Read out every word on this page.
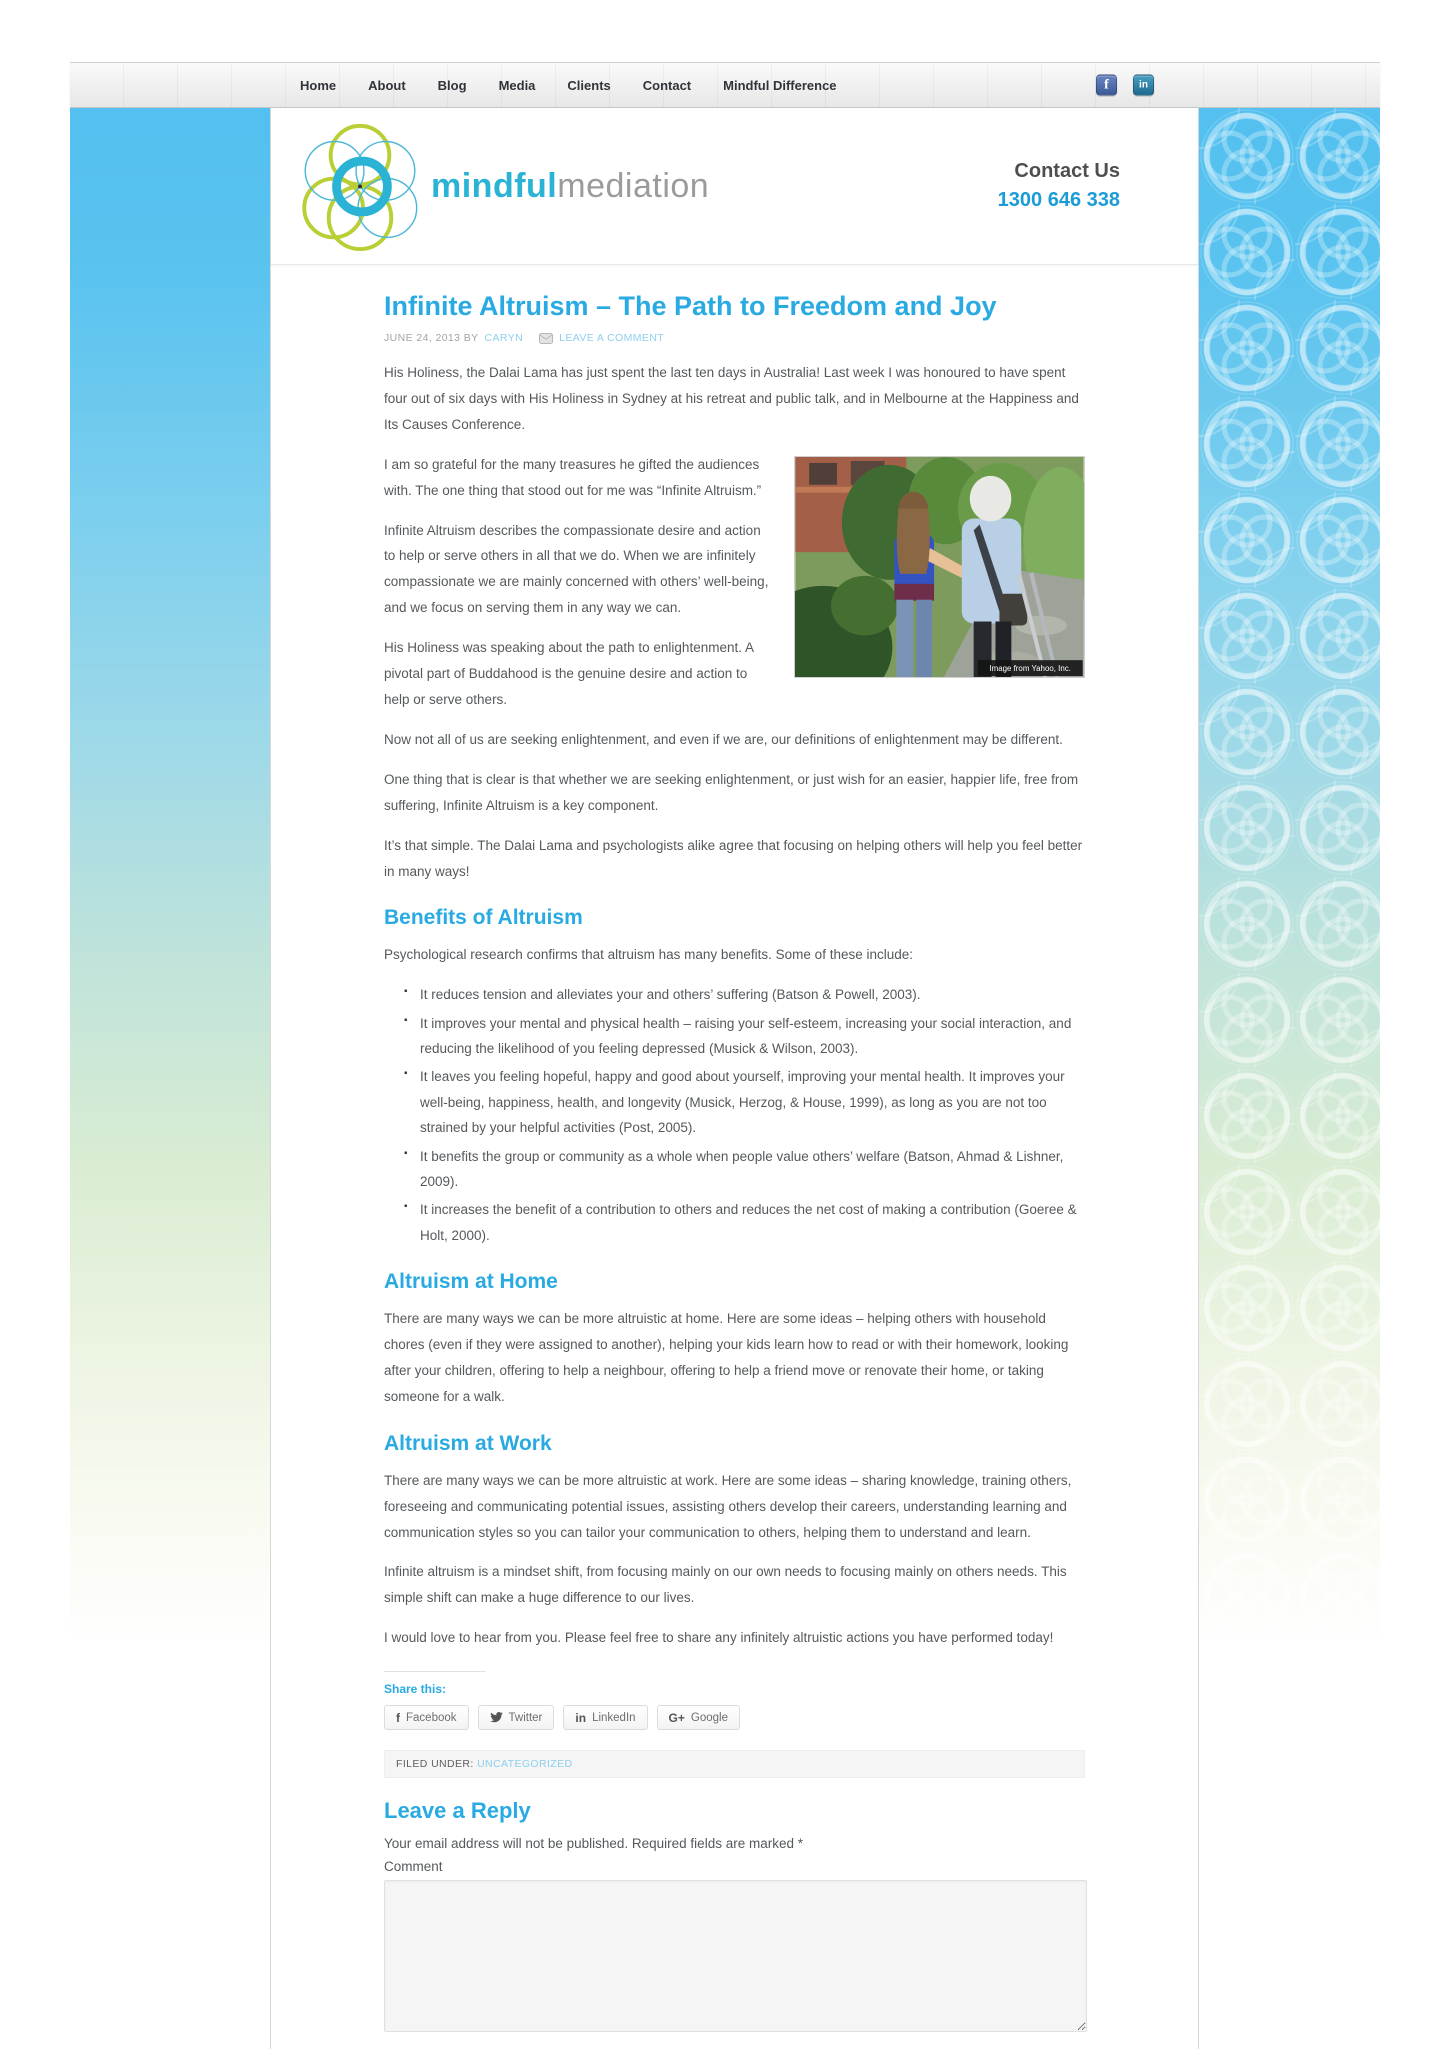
Home	About	Blog	Media	Clients	Contact	Mindful Difference	f	in
mindfulmediation	Contact Us
1300 646 338
Infinite Altruism – The Path to Freedom and Joy
JUNE 24, 2013 BY CARYN	LEAVE A COMMENT

His Holiness, the Dalai Lama has just spent the last ten days in Australia! Last week I was honoured to have spent four out of six days with His Holiness in Sydney at his retreat and public talk, and in Melbourne at the Happiness and Its Causes Conference.

Image from Yahoo, Inc.

I am so grateful for the many treasures he gifted the audiences with. The one thing that stood out for me was “Infinite Altruism.”

Infinite Altruism describes the compassionate desire and action to help or serve others in all that we do. When we are infinitely compassionate we are mainly concerned with others’ well-being, and we focus on serving them in any way we can.

His Holiness was speaking about the path to enlightenment. A pivotal part of Buddahood is the genuine desire and action to help or serve others.

Now not all of us are seeking enlightenment, and even if we are, our definitions of enlightenment may be different.

One thing that is clear is that whether we are seeking enlightenment, or just wish for an easier, happier life, free from suffering, Infinite Altruism is a key component.

It’s that simple. The Dalai Lama and psychologists alike agree that focusing on helping others will help you feel better in many ways!

Benefits of Altruism

Psychological research confirms that altruism has many benefits. Some of these include:

▪ It reduces tension and alleviates your and others’ suffering (Batson & Powell, 2003).
▪ It improves your mental and physical health – raising your self-esteem, increasing your social interaction, and reducing the likelihood of you feeling depressed (Musick & Wilson, 2003).
▪ It leaves you feeling hopeful, happy and good about yourself, improving your mental health. It improves your well-being, happiness, health, and longevity (Musick, Herzog, & House, 1999), as long as you are not too strained by your helpful activities (Post, 2005).
▪ It benefits the group or community as a whole when people value others’ welfare (Batson, Ahmad & Lishner, 2009).
▪ It increases the benefit of a contribution to others and reduces the net cost of making a contribution (Goeree & Holt, 2000).
Altruism at Home

There are many ways we can be more altruistic at home. Here are some ideas – helping others with household chores (even if they were assigned to another), helping your kids learn how to read or with their homework, looking after your children, offering to help a neighbour, offering to help a friend move or renovate their home, or taking someone for a walk.

Altruism at Work

There are many ways we can be more altruistic at work. Here are some ideas – sharing knowledge, training others, foreseeing and communicating potential issues, assisting others develop their careers, understanding learning and communication styles so you can tailor your communication to others, helping them to understand and learn.

Infinite altruism is a mindset shift, from focusing mainly on our own needs to focusing mainly on others needs. This simple shift can make a huge difference to our lives.

I would love to hear from you. Please feel free to share any infinitely altruistic actions you have performed today!

Share this:
f Facebook	Twitter	in LinkedIn	G+ Google
FILED UNDER: UNCATEGORIZED
Leave a Reply

Your email address will not be published. Required fields are marked *

Comment
